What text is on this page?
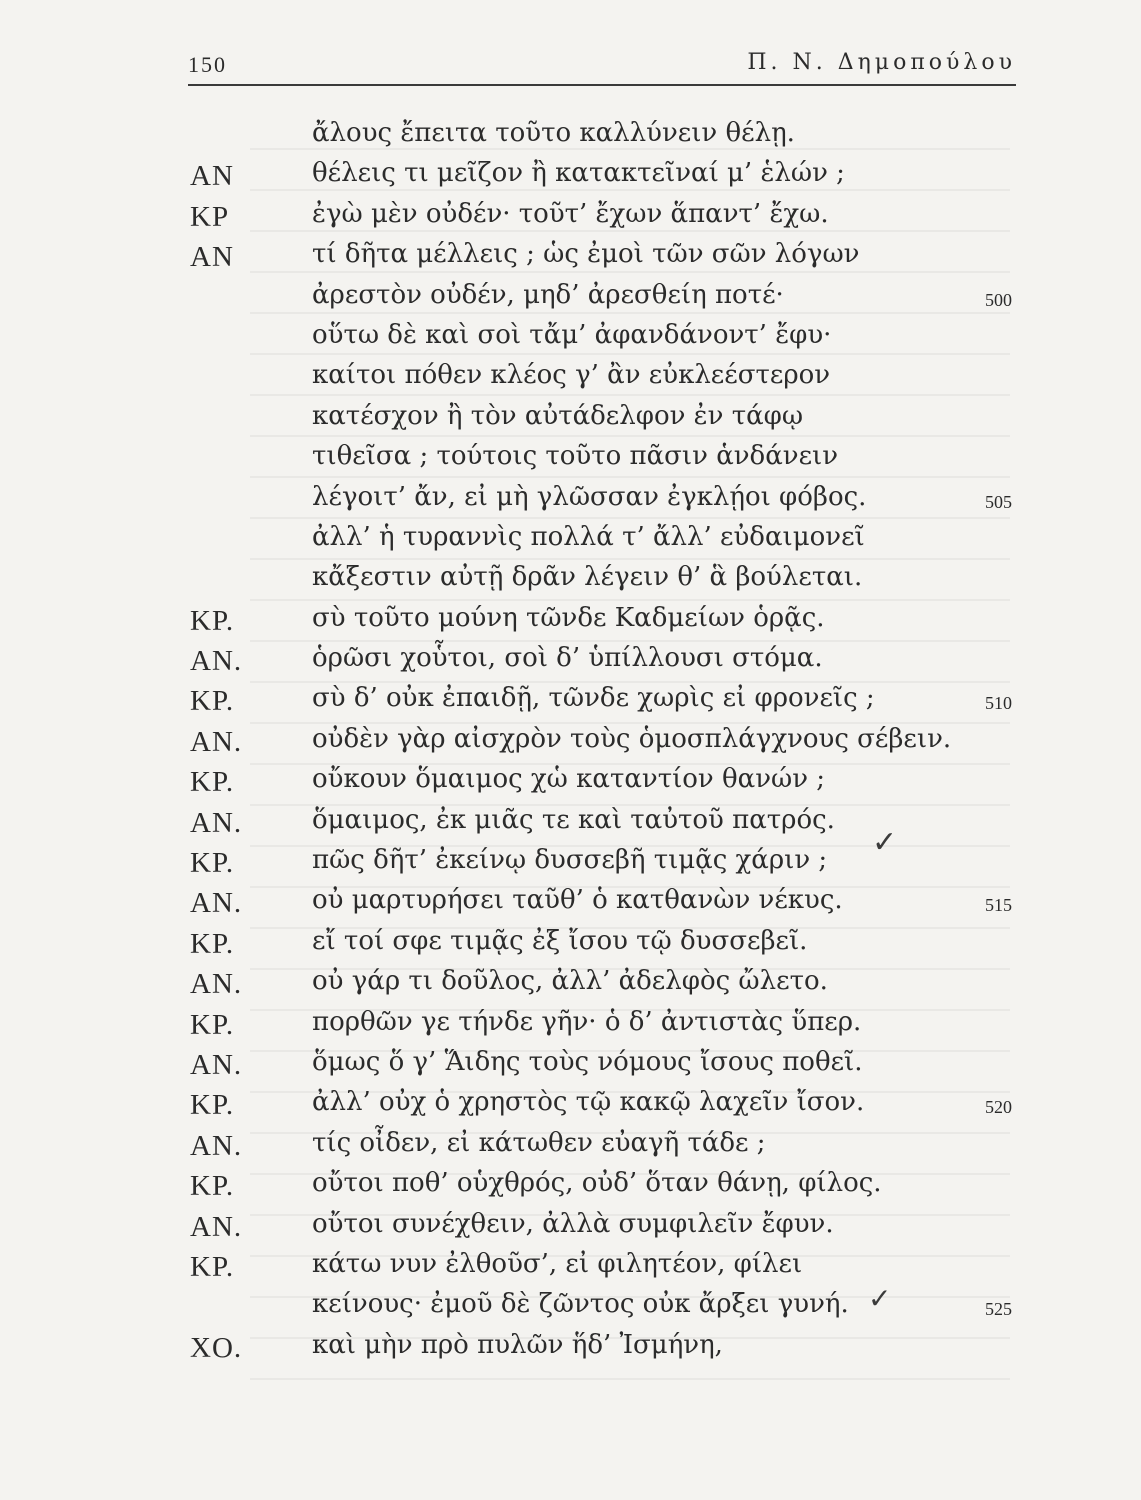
150	Π. Ν. Δημοπούλου
ἄλους ἔπειτα τοῦτο καλλύνειν θέλῃ.
ΑΝ	θέλεις τι μεῖζον ἢ κατακτεῖναί μ’ ἑλών ;
ΚΡ	ἐγὼ μὲν οὐδέν· τοῦτ’ ἔχων ἅπαντ’ ἔχω.
ΑΝ	τί δῆτα μέλλεις ; ὡς ἐμοὶ τῶν σῶν λόγων
ἀρεστὸν οὐδέν, μηδ’ ἀρεσθείη ποτέ·	500
οὕτω δὲ καὶ σοὶ τἄμ’ ἀφανδάνοντ’ ἔφυ·
καίτοι πόθεν κλέος γ’ ἂν εὐκλεέστερον
κατέσχον ἢ τὸν αὐτάδελφον ἐν τάφῳ
τιθεῖσα ; τούτοις τοῦτο πᾶσιν ἁνδάνειν
λέγοιτ’ ἄν, εἰ μὴ γλῶσσαν ἐγκλῄοι φόβος.	505
ἀλλ’ ἡ τυραννὶς πολλά τ’ ἄλλ’ εὐδαιμονεῖ
κἄξεστιν αὐτῇ δρᾶν λέγειν θ’ ἃ βούλεται.
ΚΡ.	σὺ τοῦτο μούνη τῶνδε Καδμείων ὁρᾷς.
ΑΝ.	ὁρῶσι χοὗτοι, σοὶ δ’ ὑπίλλουσι στόμα.
ΚΡ.	σὺ δ’ οὐκ ἐπαιδῇ, τῶνδε χωρὶς εἰ φρονεῖς ;	510
ΑΝ.	οὐδὲν γὰρ αἰσχρὸν τοὺς ὁμοσπλάγχνους σέβειν.
ΚΡ.	οὔκουν ὅμαιμος χὡ καταντίον θανών ;
ΑΝ.	ὅμαιμος, ἐκ μιᾶς τε καὶ ταὐτοῦ πατρός.
ΚΡ.	πῶς δῆτ’ ἐκείνῳ δυσσεβῆ τιμᾷς χάριν ;
ΑΝ.	οὐ μαρτυρήσει ταῦθ’ ὁ κατθανὼν νέκυς.	515
ΚΡ.	εἴ τοί σφε τιμᾷς ἐξ ἴσου τῷ δυσσεβεῖ.
ΑΝ.	οὐ γάρ τι δοῦλος, ἀλλ’ ἀδελφὸς ὤλετο.
ΚΡ.	πορθῶν γε τήνδε γῆν· ὁ δ’ ἀντιστὰς ὕπερ.
ΑΝ.	ὅμως ὅ γ’ Ἅιδης τοὺς νόμους ἴσους ποθεῖ.
ΚΡ.	ἀλλ’ οὐχ ὁ χρηστὸς τῷ κακῷ λαχεῖν ἴσον.	520
ΑΝ.	τίς οἶδεν, εἰ κάτωθεν εὐαγῆ τάδε ;
ΚΡ.	οὔτοι ποθ’ οὑχθρός, οὐδ’ ὅταν θάνῃ, φίλος.
ΑΝ.	οὔτοι συνέχθειν, ἀλλὰ συμφιλεῖν ἔφυν.
ΚΡ.	κάτω νυν ἐλθοῦσ’, εἰ φιλητέον, φίλει
κείνους· ἐμοῦ δὲ ζῶντος οὐκ ἄρξει γυνή.	525
ΧΟ.	καὶ μὴν πρὸ πυλῶν ἥδ’ Ἰσμήνη,
✓
✓
